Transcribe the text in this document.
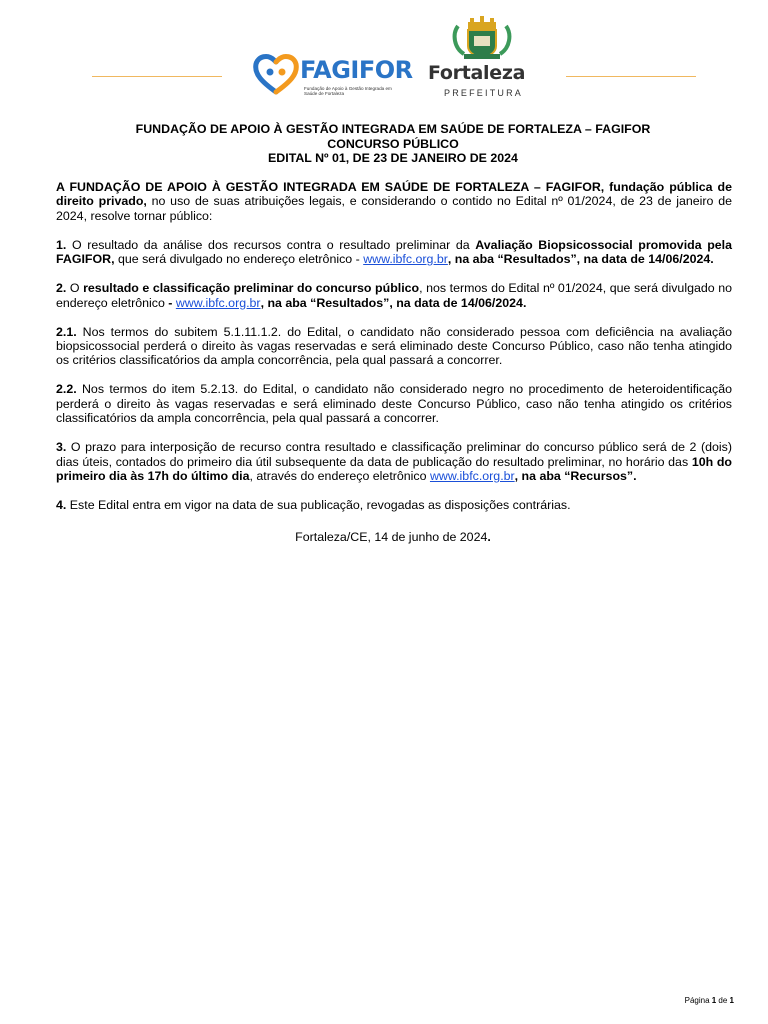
FAGIFOR
Fundação de Apoio à Gestão Integrada em Saúde de Fortaleza
Fortaleza
PREFEITURA
FUNDAÇÃO DE APOIO À GESTÃO INTEGRADA EM SAÚDE DE FORTALEZA – FAGIFOR
CONCURSO PÚBLICO
EDITAL Nº 01, DE 23 DE JANEIRO DE 2024

A FUNDAÇÃO DE APOIO À GESTÃO INTEGRADA EM SAÚDE DE FORTALEZA – FAGIFOR, fundação pública de direito privado, no uso de suas atribuições legais, e considerando o contido no Edital nº 01/2024, de 23 de janeiro de 2024, resolve tornar público:

1. O resultado da análise dos recursos contra o resultado preliminar da Avaliação Biopsicossocial promovida pela FAGIFOR, que será divulgado no endereço eletrônico - www.ibfc.org.br, na aba “Resultados”, na data de 14/06/2024.

2. O resultado e classificação preliminar do concurso público, nos termos do Edital nº 01/2024, que será divulgado no endereço eletrônico - www.ibfc.org.br, na aba “Resultados”, na data de 14/06/2024.

2.1. Nos termos do subitem 5.1.11.1.2. do Edital, o candidato não considerado pessoa com deficiência na avaliação biopsicossocial perderá o direito às vagas reservadas e será eliminado deste Concurso Público, caso não tenha atingido os critérios classificatórios da ampla concorrência, pela qual passará a concorrer.

2.2. Nos termos do item 5.2.13. do Edital, o candidato não considerado negro no procedimento de heteroidentificação perderá o direito às vagas reservadas e será eliminado deste Concurso Público, caso não tenha atingido os critérios classificatórios da ampla concorrência, pela qual passará a concorrer.

3. O prazo para interposição de recurso contra resultado e classificação preliminar do concurso público será de 2 (dois) dias úteis, contados do primeiro dia útil subsequente da data de publicação do resultado preliminar, no horário das 10h do primeiro dia às 17h do último dia, através do endereço eletrônico www.ibfc.org.br, na aba “Recursos”.

4. Este Edital entra em vigor na data de sua publicação, revogadas as disposições contrárias.

Fortaleza/CE, 14 de junho de 2024.
Página 1 de 1
